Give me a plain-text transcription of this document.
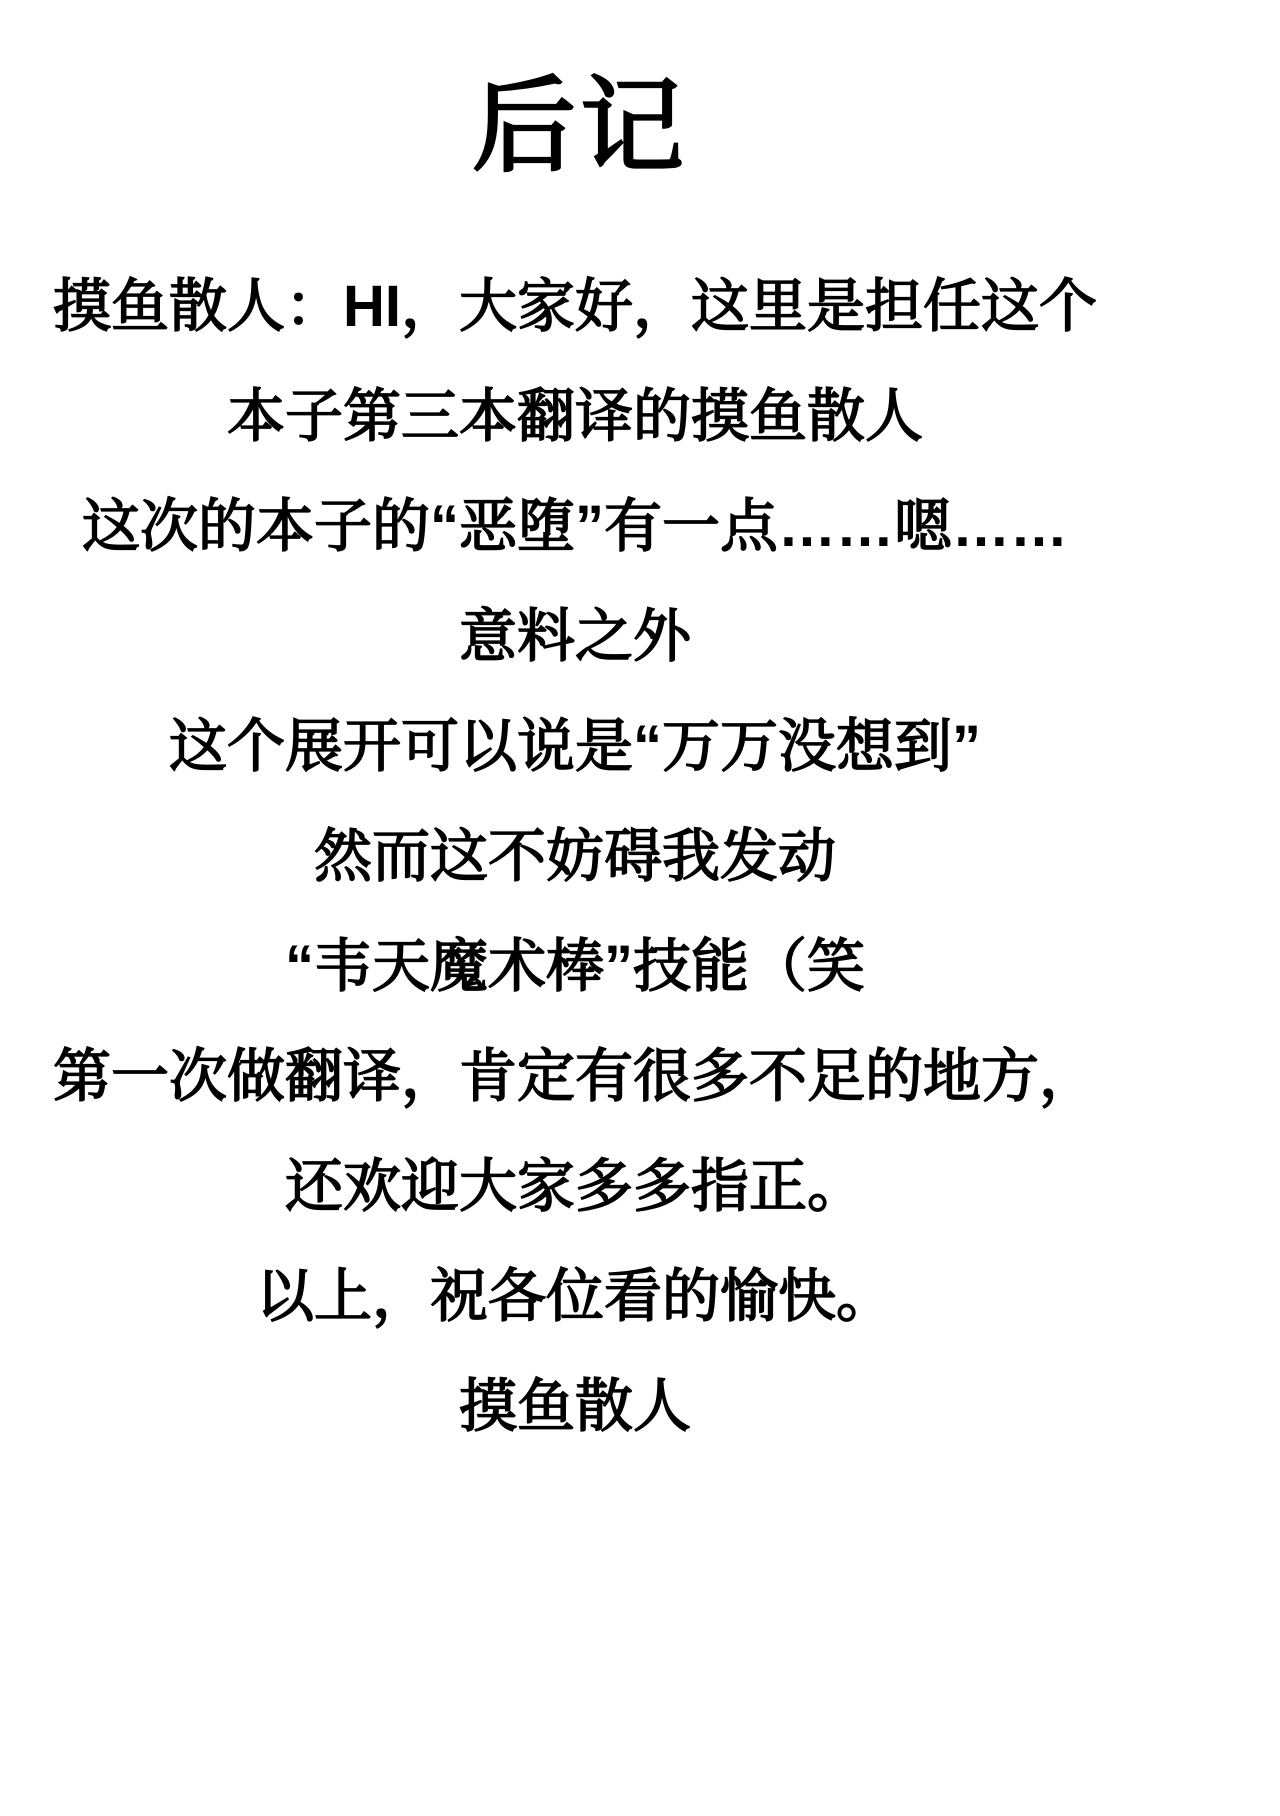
后记
摸鱼散人：HI，大家好，这里是担任这个
本子第三本翻译的摸鱼散人
这次的本子的“恶堕”有一点……嗯……
意料之外
这个展开可以说是“万万没想到”
然而这不妨碍我发动
“韦天魔术棒”技能（笑
第一次做翻译，肯定有很多不足的地方，
还欢迎大家多多指正。
以上，祝各位看的愉快。
摸鱼散人
